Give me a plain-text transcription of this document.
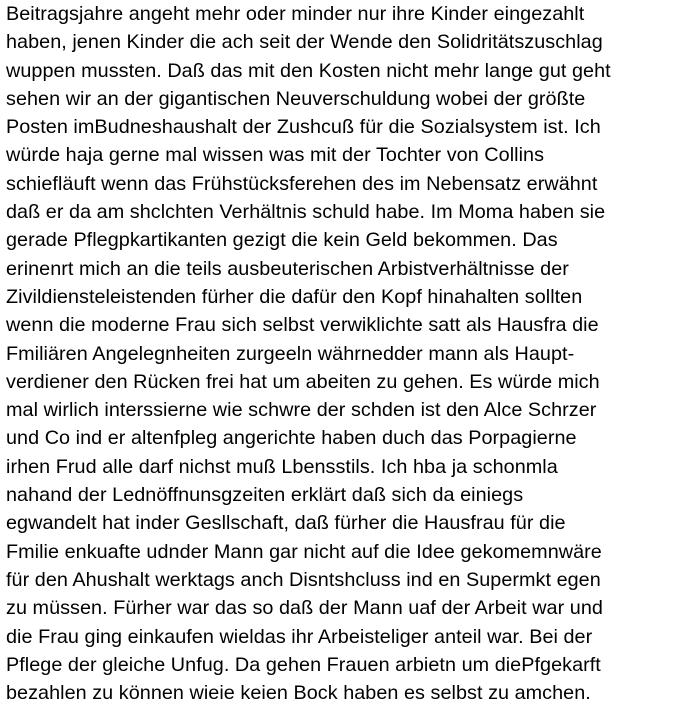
Beitragsjahre angeht mehr oder minder nur ihre Kinder eingezahlt
haben, jenen Kinder die ach seit der Wende den Solidritätszuschlag
wuppen mussten. Daß das mit den Kosten nicht mehr lange gut geht
sehen wir an der gigantischen Neuverschuldung wobei der größte
Posten imBudneshaushalt der Zushcuß für die Sozialsystem ist. Ich
würde haja gerne mal wissen was mit der Tochter von Collins
schiefläuft wenn das Frühstücksferehen des im Nebensatz erwähnt
daß er da am shclchten Verhältnis schuld habe. Im Moma haben sie
gerade Pflegpkartikanten gezigt die kein Geld bekommen. Das
erinenrt mich an die teils ausbeuterischen Arbistverhältnisse der
Zivildiensteleistenden fürher die dafür den Kopf hinahalten sollten
wenn die moderne Frau sich selbst verwiklichte satt als Hausfra die
Fmiliären Angelegnheiten zurgeeln währnedder mann als Haupt-
verdiener den Rücken frei hat um abeiten zu gehen. Es würde mich
mal wirlich interssierne wie schwre der schden ist den Alce Schrzer
und Co ind er altenfpleg angerichte haben duch das Porpagierne
irhen Frud alle darf nichst muß Lbensstils. Ich hba ja schonmla
nahand der Lednöffnunsgzeiten erklärt daß sich da einiegs
egwandelt hat inder Gesllschaft, daß fürher die Hausfrau für die
Fmilie enkuafte udnder Mann gar nicht auf die Idee gekomemnwäre
für den Ahushalt werktags anch Disntshcluss ind en Supermkt egen
zu müssen. Fürher war das so daß der Mann uaf der Arbeit war und
die Frau ging einkaufen wieldas ihr Arbeisteliger anteil war. Bei der
Pflege der gleiche Unfug. Da gehen Frauen arbietn um diePfgekarft
bezahlen zu können wieie keien Bock haben es selbst zu amchen.
